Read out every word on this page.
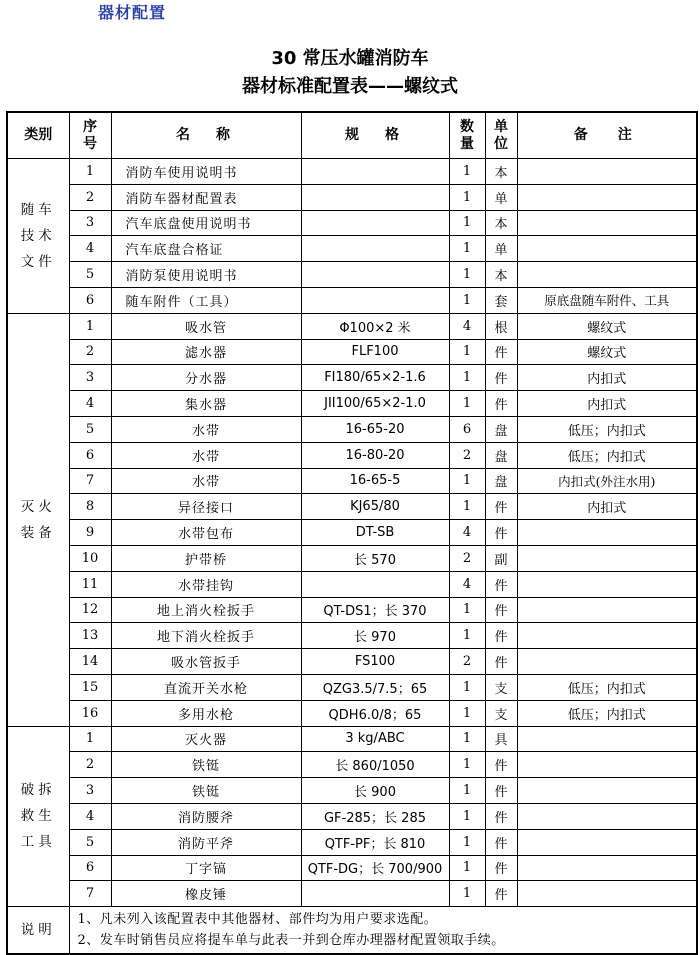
器材配置
30 常压水罐消防车
器材标准配置表——螺纹式
类别	序号	名　称	规　格	数量	单位	备　注
随车技术文件	1	消防车使用说明书		1	本	
	2	消防车器材配置表		1	单	
	3	汽车底盘使用说明书		1	本	
	4	汽车底盘合格证		1	单	
	5	消防泵使用说明书		1	本	
	6	随车附件（工具）		1	套	原底盘随车附件、工具
灭火装备	1	吸水管	Φ100×2 米	4	根	螺纹式
	2	滤水器	FLF100	1	件	螺纹式
	3	分水器	FI180/65×2-1.6	1	件	内扣式
	4	集水器	JII100/65×2-1.0	1	件	内扣式
	5	水带	16-65-20	6	盘	低压；内扣式
	6	水带	16-80-20	2	盘	低压；内扣式
	7	水带	16-65-5	1	盘	内扣式(外注水用)
	8	异径接口	KJ65/80	1	件	内扣式
	9	水带包布	DT-SB	4	件	
	10	护带桥	长 570	2	副	
	11	水带挂钩		4	件	
	12	地上消火栓扳手	QT-DS1；长 370	1	件	
	13	地下消火栓扳手	长 970	1	件	
	14	吸水管扳手	FS100	2	件	
	15	直流开关水枪	QZG3.5/7.5；65	1	支	低压；内扣式
	16	多用水枪	QDH6.0/8；65	1	支	低压；内扣式
破拆救生工具	1	灭火器	3 kg/ABC	1	具	
	2	铁铤	长 860/1050	1	件	
	3	铁铤	长 900	1	件	
	4	消防腰斧	GF-285；长 285	1	件	
	5	消防平斧	QTF-PF；长 810	1	件	
	6	丁字镐	QTF-DG；长 700/900	1	件	
	7	橡皮锤		1	件	
说明	1、凡未列入该配置表中其他器材、部件均为用户要求选配。
2、发车时销售员应将提车单与此表一并到仓库办理器材配置领取手续。					
